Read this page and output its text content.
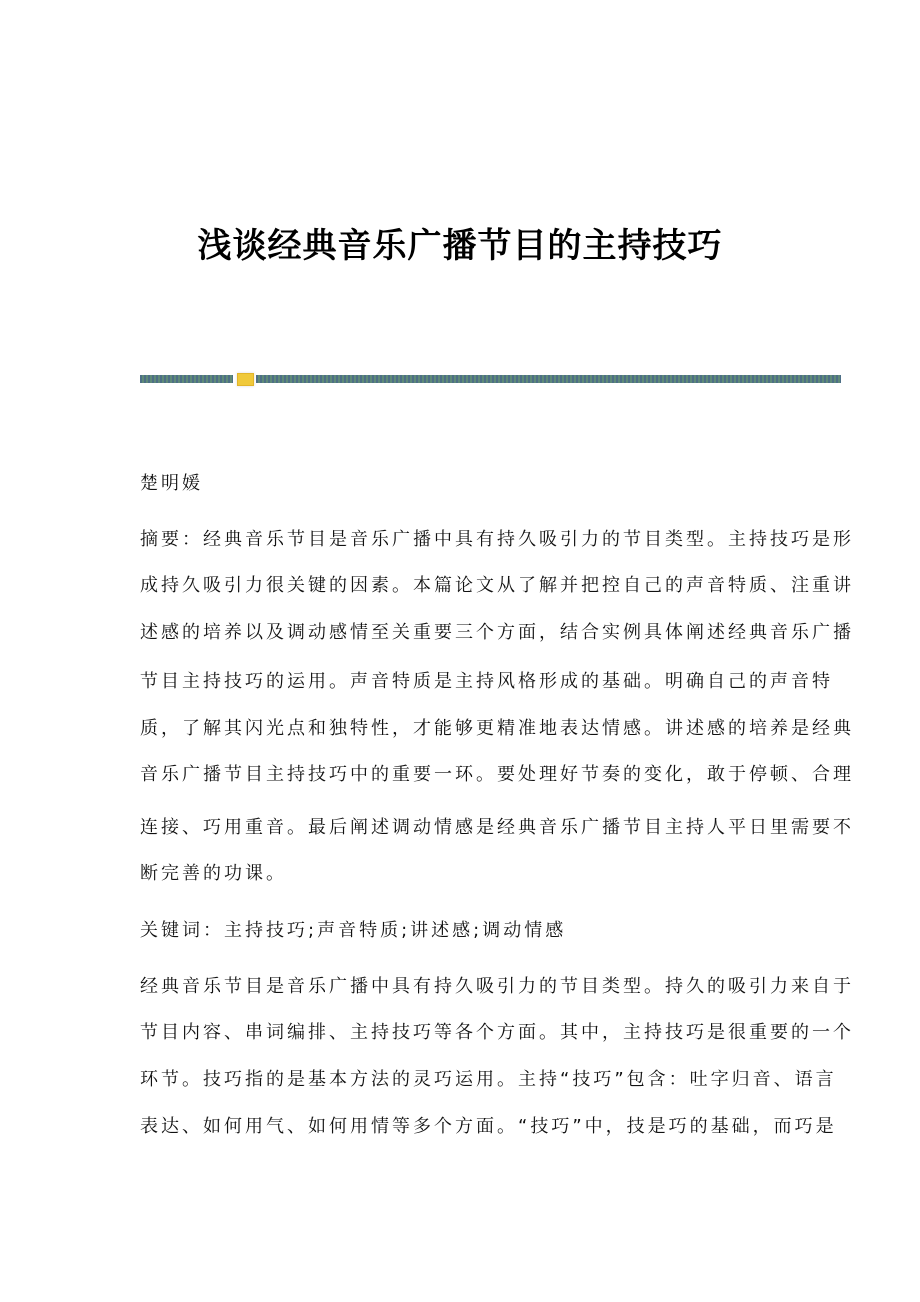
浅谈经典音乐广播节目的主持技巧
楚明媛
摘要：经典音乐节目是音乐广播中具有持久吸引力的节目类型。主持技巧是形
成持久吸引力很关键的因素。本篇论文从了解并把控自己的声音特质、注重讲
述感的培养以及调动感情至关重要三个方面，结合实例具体阐述经典音乐广播
节目主持技巧的运用。声音特质是主持风格形成的基础。明确自己的声音特
质，了解其闪光点和独特性，才能够更精准地表达情感。讲述感的培养是经典
音乐广播节目主持技巧中的重要一环。要处理好节奏的变化，敢于停顿、合理
连接、巧用重音。最后阐述调动情感是经典音乐广播节目主持人平日里需要不
断完善的功课。
关键词：主持技巧;声音特质;讲述感;调动情感
经典音乐节目是音乐广播中具有持久吸引力的节目类型。持久的吸引力来自于
节目内容、串词编排、主持技巧等各个方面。其中，主持技巧是很重要的一个
环节。技巧指的是基本方法的灵巧运用。主持“技巧”包含：吐字归音、语言
表达、如何用气、如何用情等多个方面。“技巧”中，技是巧的基础，而巧是
